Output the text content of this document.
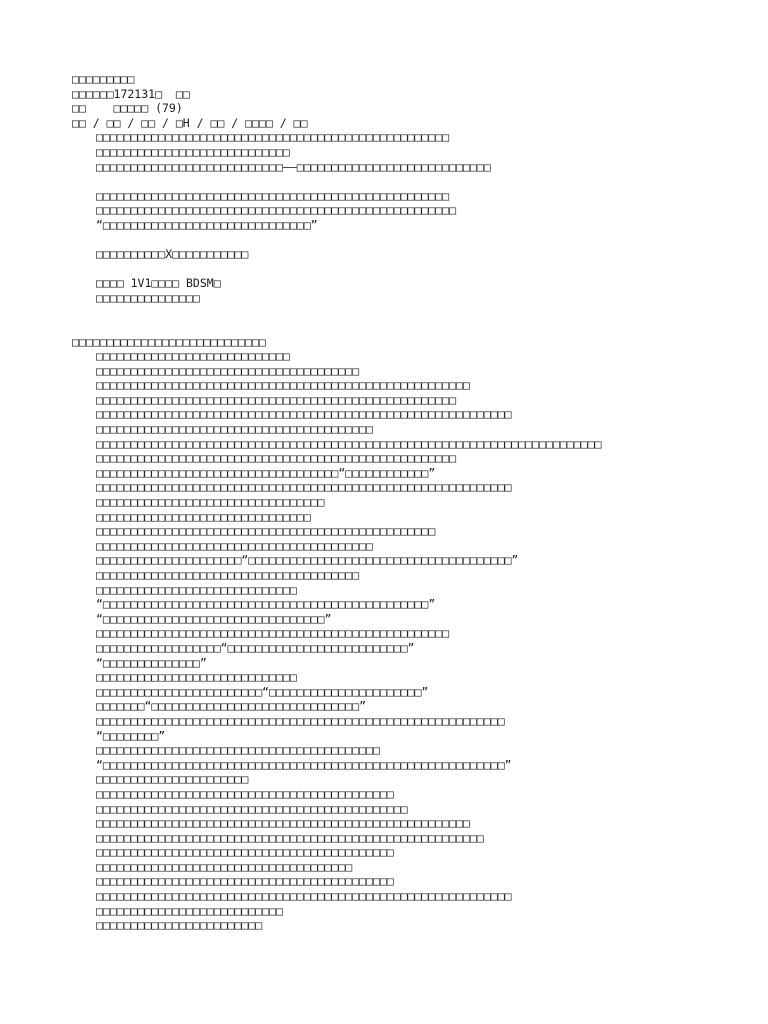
□□□□□□□□□
□□□□□□172131□  □□
□□    □□□□□ (79)
□□ / □□ / □□ / □H / □□ / □□□□ / □□
□□□□□□□□□□□□□□□□□□□□□□□□□□□□□□□□□□□□□□□□□□□□□□□□□□□
□□□□□□□□□□□□□□□□□□□□□□□□□□□□
□□□□□□□□□□□□□□□□□□□□□□□□□□□——□□□□□□□□□□□□□□□□□□□□□□□□□□□□
□□□□□□□□□□□□□□□□□□□□□□□□□□□□□□□□□□□□□□□□□□□□□□□□□□□
□□□□□□□□□□□□□□□□□□□□□□□□□□□□□□□□□□□□□□□□□□□□□□□□□□□□
“□□□□□□□□□□□□□□□□□□□□□□□□□□□□□□”
□□□□□□□□□□X□□□□□□□□□□□
□□□□ 1V1□□□□ BDSM□
□□□□□□□□□□□□□□□
□□□□□□□□□□□□□□□□□□□□□□□□□□□□
□□□□□□□□□□□□□□□□□□□□□□□□□□□□
□□□□□□□□□□□□□□□□□□□□□□□□□□□□□□□□□□□□□□
□□□□□□□□□□□□□□□□□□□□□□□□□□□□□□□□□□□□□□□□□□□□□□□□□□□□□□
□□□□□□□□□□□□□□□□□□□□□□□□□□□□□□□□□□□□□□□□□□□□□□□□□□□□
□□□□□□□□□□□□□□□□□□□□□□□□□□□□□□□□□□□□□□□□□□□□□□□□□□□□□□□□□□□□
□□□□□□□□□□□□□□□□□□□□□□□□□□□□□□□□□□□□□□□□
□□□□□□□□□□□□□□□□□□□□□□□□□□□□□□□□□□□□□□□□□□□□□□□□□□□□□□□□□□□□□□□□□□□□□□□□□
□□□□□□□□□□□□□□□□□□□□□□□□□□□□□□□□□□□□□□□□□□□□□□□□□□□□
□□□□□□□□□□□□□□□□□□□□□□□□□□□□□□□□□□□“□□□□□□□□□□□□”
□□□□□□□□□□□□□□□□□□□□□□□□□□□□□□□□□□□□□□□□□□□□□□□□□□□□□□□□□□□□
□□□□□□□□□□□□□□□□□□□□□□□□□□□□□□□□□
□□□□□□□□□□□□□□□□□□□□□□□□□□□□□□□
□□□□□□□□□□□□□□□□□□□□□□□□□□□□□□□□□□□□□□□□□□□□□□□□□
□□□□□□□□□□□□□□□□□□□□□□□□□□□□□□□□□□□□□□□□
□□□□□□□□□□□□□□□□□□□□□“□□□□□□□□□□□□□□□□□□□□□□□□□□□□□□□□□□□□□□”
□□□□□□□□□□□□□□□□□□□□□□□□□□□□□□□□□□□□□□
□□□□□□□□□□□□□□□□□□□□□□□□□□□□□
“□□□□□□□□□□□□□□□□□□□□□□□□□□□□□□□□□□□□□□□□□□□□□□□”
“□□□□□□□□□□□□□□□□□□□□□□□□□□□□□□□□”
□□□□□□□□□□□□□□□□□□□□□□□□□□□□□□□□□□□□□□□□□□□□□□□□□□□
□□□□□□□□□□□□□□□□□□“□□□□□□□□□□□□□□□□□□□□□□□□□□”
“□□□□□□□□□□□□□□”
□□□□□□□□□□□□□□□□□□□□□□□□□□□□□
□□□□□□□□□□□□□□□□□□□□□□□□“□□□□□□□□□□□□□□□□□□□□□□”
□□□□□□□“□□□□□□□□□□□□□□□□□□□□□□□□□□□□□□”
□□□□□□□□□□□□□□□□□□□□□□□□□□□□□□□□□□□□□□□□□□□□□□□□□□□□□□□□□□□
“□□□□□□□□”
□□□□□□□□□□□□□□□□□□□□□□□□□□□□□□□□□□□□□□□□□
“□□□□□□□□□□□□□□□□□□□□□□□□□□□□□□□□□□□□□□□□□□□□□□□□□□□□□□□□□□”
□□□□□□□□□□□□□□□□□□□□□□
□□□□□□□□□□□□□□□□□□□□□□□□□□□□□□□□□□□□□□□□□□□
□□□□□□□□□□□□□□□□□□□□□□□□□□□□□□□□□□□□□□□□□□□□□
□□□□□□□□□□□□□□□□□□□□□□□□□□□□□□□□□□□□□□□□□□□□□□□□□□□□□□
□□□□□□□□□□□□□□□□□□□□□□□□□□□□□□□□□□□□□□□□□□□□□□□□□□□□□□□□
□□□□□□□□□□□□□□□□□□□□□□□□□□□□□□□□□□□□□□□□□□□
□□□□□□□□□□□□□□□□□□□□□□□□□□□□□□□□□□□□□
□□□□□□□□□□□□□□□□□□□□□□□□□□□□□□□□□□□□□□□□□□□
□□□□□□□□□□□□□□□□□□□□□□□□□□□□□□□□□□□□□□□□□□□□□□□□□□□□□□□□□□□□
□□□□□□□□□□□□□□□□□□□□□□□□□□□
□□□□□□□□□□□□□□□□□□□□□□□□
